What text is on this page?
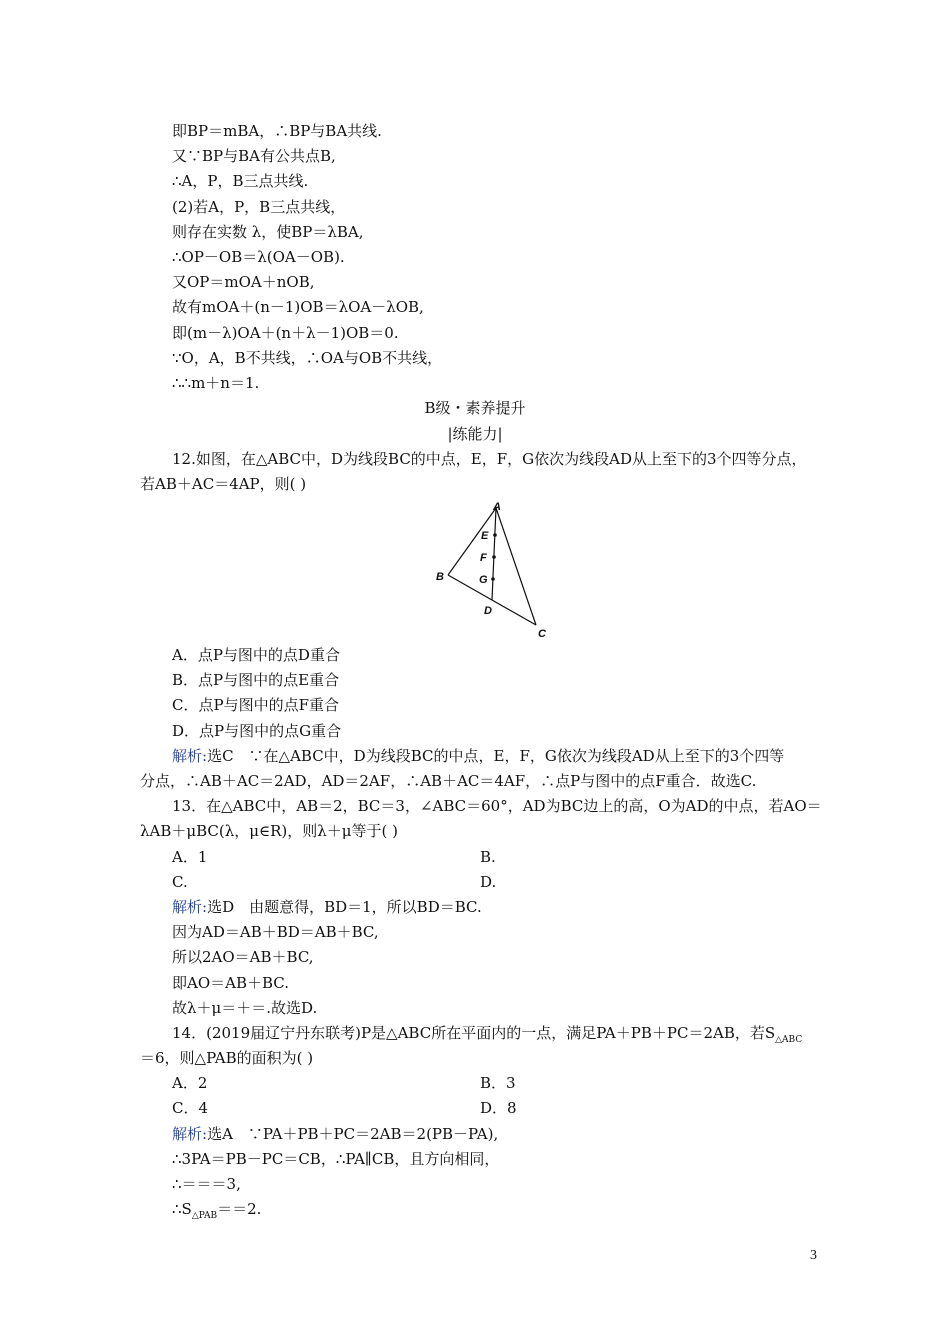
即BP＝mBA，∴BP与BA共线.
又∵BP与BA有公共点B,
∴A，P，B三点共线.
(2)若A，P，B三点共线，
则存在实数 λ，使BP＝λBA,
∴OP－OB＝λ(OA－OB).
又OP＝mOA＋nOB,
故有mOA＋(n－1)OB＝λOA－λOB,
即(m－λ)OA＋(n＋λ－1)OB＝0.
∵O，A，B不共线，∴OA与OB不共线，
∴∴m＋n＝1.
B级・素养提升
|练能力|
12.如图，在△ABC中，D为线段BC的中点，E，F，G依次为线段AD从上至下的3个四等分点，
若AB＋AC＝4AP，则( )
A
E
F
G
B
D
C
A．点P与图中的点D重合
B．点P与图中的点E重合
C．点P与图中的点F重合
D．点P与图中的点G重合
解析:选C　∵在△ABC中，D为线段BC的中点，E，F，G依次为线段AD从上至下的3个四等
分点，∴AB＋AC＝2AD，AD＝2AF，∴AB＋AC＝4AF，∴点P与图中的点F重合．故选C.
13．在△ABC中，AB＝2，BC＝3，∠ABC＝60°，AD为BC边上的高，O为AD的中点，若AO＝
λAB＋μBC(λ，μ∈R)，则λ＋μ等于( )
A．1	B.
C.	D.
解析:选D　由题意得，BD＝1，所以BD＝BC.
因为AD＝AB＋BD＝AB＋BC,
所以2AO＝AB＋BC,
即AO＝AB＋BC.
故λ＋μ＝＋＝.故选D.
14．(2019届辽宁丹东联考)P是△ABC所在平面内的一点，满足PA＋PB＋PC＝2AB，若$S_{\triangle ABC}$
＝6，则△PAB的面积为( )
A．2	B．3
C．4	D．8
解析:选A　∵PA＋PB＋PC＝2AB＝2(PB－PA),
∴3PA＝PB－PC＝CB，∴PA∥CB，且方向相同，
∴＝＝＝3,
$\therefore S_{\triangle PAB}==2$.
3
